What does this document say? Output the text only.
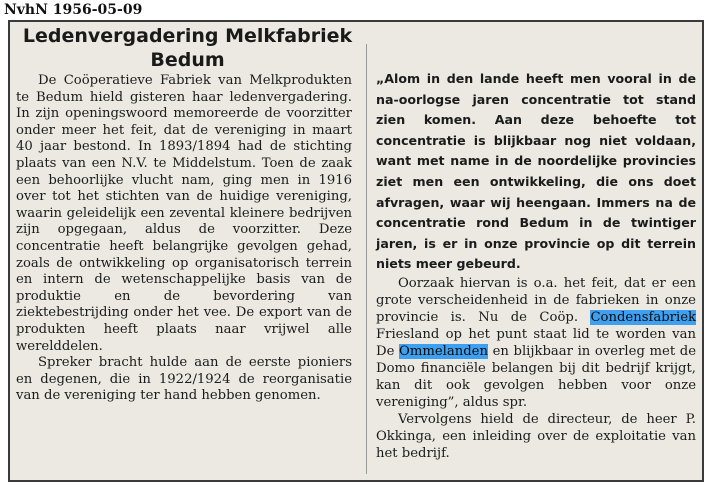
NvhN 1956-05-09
Ledenvergadering Melkfabriek
Bedum

De Coöperatieve Fabriek van Melkprodukten te Bedum hield gisteren haar ledenvergadering. In zijn openingswoord memoreerde de voorzitter onder meer het feit, dat de vereniging in maart 40 jaar bestond. In 1893/1894 had de stichting plaats van een N.V. te Middelstum. Toen de zaak een behoorlijke vlucht nam, ging men in 1916 over tot het stichten van de huidige vereniging, waarin geleidelijk een zevental kleinere bedrijven zijn opgegaan, aldus de voorzitter. Deze concentratie heeft belangrijke gevolgen gehad, zoals de ontwikkeling op organisatorisch terrein en intern de wetenschappelijke basis van de produktie en de bevordering van ziektebestrijding onder het vee. De export van de produkten heeft plaats naar vrijwel alle werelddelen.

Spreker bracht hulde aan de eerste pioniers en degenen, die in 1922/1924 de reorganisatie van de vereniging ter hand hebben genomen.

„Alom in den lande heeft men vooral in de na-oorlogse jaren concentratie tot stand zien komen. Aan deze behoefte tot concentratie is blijkbaar nog niet voldaan, want met name in de noordelijke provincies ziet men een ontwikkeling, die ons doet afvragen, waar wij heengaan. Immers na de concentratie rond Bedum in de twintiger jaren, is er in onze provincie op dit terrein niets meer gebeurd.

Oorzaak hiervan is o.a. het feit, dat er een grote verscheidenheid in de fabrieken in onze provincie is. Nu de Coöp. Condensfabriek Friesland op het punt staat lid te worden van De Ommelanden en blijkbaar in overleg met de Domo financiële belangen bij dit bedrijf krijgt, kan dit ook gevolgen hebben voor onze vereniging”, aldus spr.

Vervolgens hield de directeur, de heer P. Okkinga, een inleiding over de exploitatie van het bedrijf.
